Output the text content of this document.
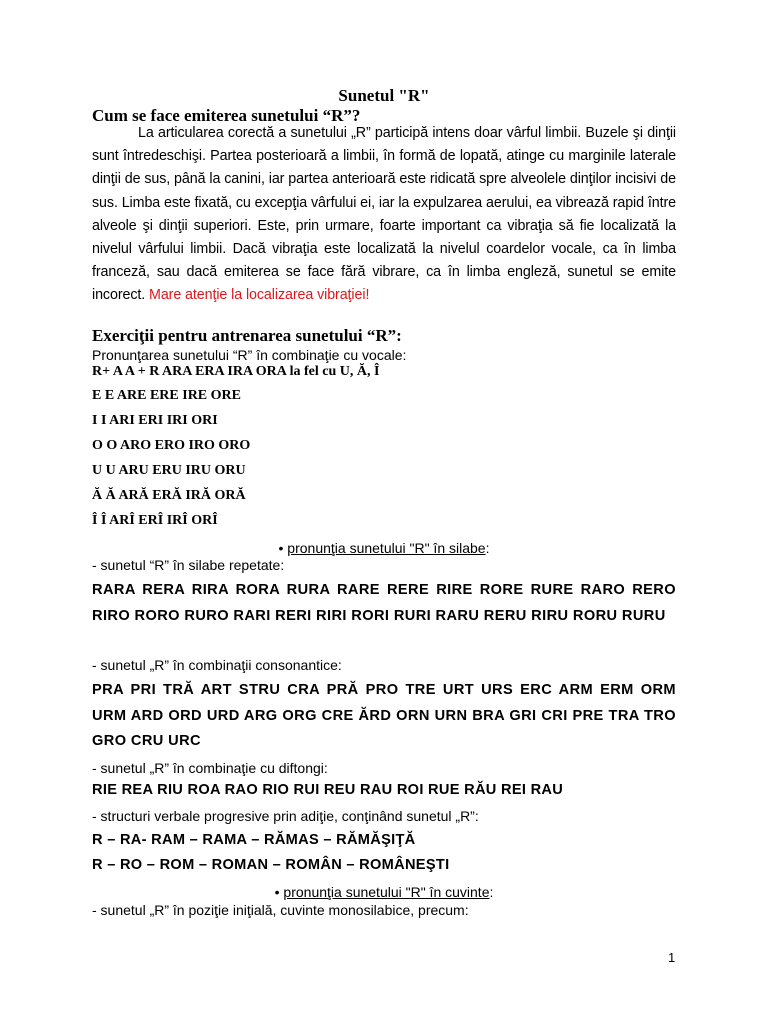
Sunetul "R"
Cum se face emiterea sunetului “R”?
La articularea corectă a sunetului „R” participă intens doar vârful limbii. Buzele şi dinţii sunt întredeschişi. Partea posterioară a limbii, în formă de lopată, atinge cu marginile laterale dinţii de sus, până la canini, iar partea anterioară este ridicată spre alveolele dinţilor incisivi de sus. Limba este fixată, cu excepţia vârfului ei, iar la expulzarea aerului, ea vibrează rapid între alveole şi dinţii superiori. Este, prin urmare, foarte important ca vibraţia să fie localizată la nivelul vârfului limbii. Dacă vibraţia este localizată la nivelul coardelor vocale, ca în limba franceză, sau dacă emiterea se face fără vibrare, ca în limba engleză, sunetul se emite incorect. Mare atenţie la localizarea vibraţiei!
Exerciţii pentru antrenarea sunetului “R”:
Pronunţarea sunetului “R” în combinaţie cu vocale:
R+ A A + R ARA ERA IRA ORA la fel cu U, Ă, Î
E E ARE ERE IRE ORE
I I ARI ERI IRI ORI
O O ARO ERO IRO ORO
U U ARU ERU IRU ORU
Ă Ă ARĂ ERĂ IRĂ ORĂ
Î Î ARÎ ERÎ IRÎ ORÎ
• pronunţia sunetului "R" în silabe:
- sunetul “R” în silabe repetate:
RARA RERA RIRA RORA RURA RARE RERE RIRE RORE RURE RARO RERO RIRO RORO RURO RARI RERI RIRI RORI RURI RARU RERU RIRU RORU RURU
- sunetul „R” în combinaţii consonantice:
PRA PRI TRĂ ART STRU CRA PRĂ PRO TRE URT URS ERC ARM ERM ORM URM ARD ORD URD ARG ORG CRE ĂRD ORN URN BRA GRI CRI PRE TRA TRO GRO CRU URC
- sunetul „R” în combinaţie cu diftongi:
RIE REA RIU ROA RAO RIO RUI REU RAU ROI RUE RĂU REI RAU
- structuri verbale progresive prin adiţie, conţinând sunetul „R”:
R – RA- RAM – RAMA – RĂMAS – RĂMĂŞIŢĂ
R – RO – ROM – ROMAN – ROMÂN – ROMÂNEŞTI
• pronunţia sunetului "R" în cuvinte:
- sunetul „R” în poziţie iniţială, cuvinte monosilabice, precum:
1
